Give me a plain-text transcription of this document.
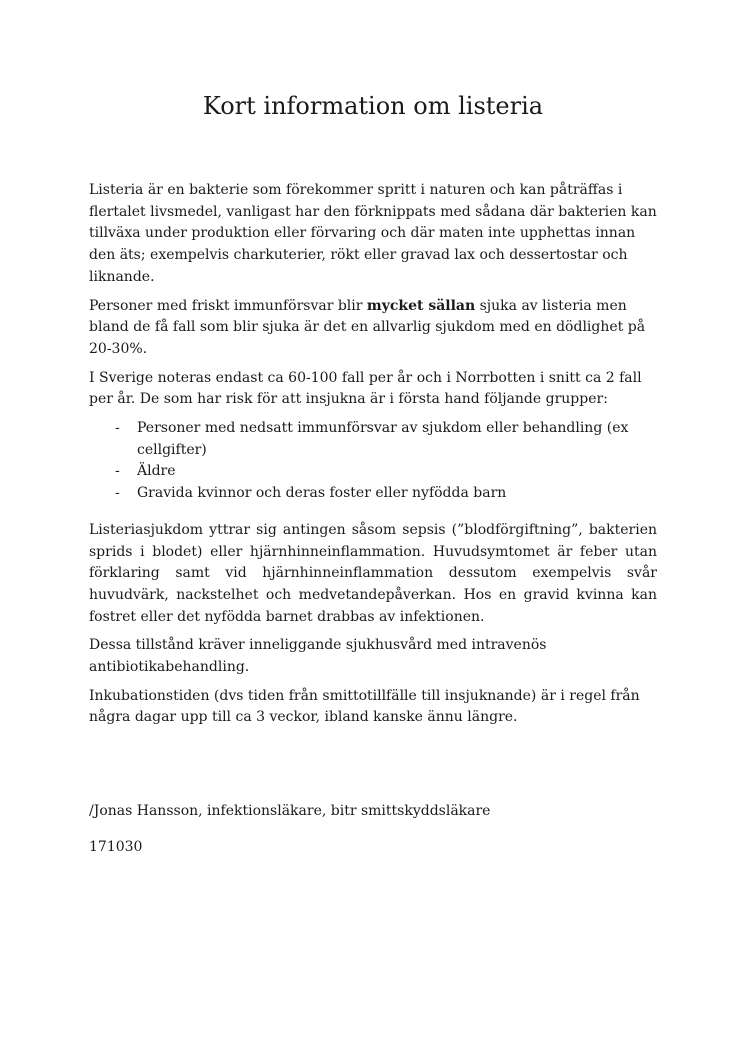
Kort information om listeria

Listeria är en bakterie som förekommer spritt i naturen och kan påträffas i flertalet livsmedel, vanligast har den förknippats med sådana där bakterien kan tillväxa under produktion eller förvaring och där maten inte upphettas innan den äts; exempelvis charkuterier, rökt eller gravad lax och dessertostar och liknande.

Personer med friskt immunförsvar blir mycket sällan sjuka av listeria men bland de få fall som blir sjuka är det en allvarlig sjukdom med en dödlighet på 20-30%.

I Sverige noteras endast ca 60-100 fall per år och i Norrbotten i snitt ca 2 fall per år. De som har risk för att insjukna är i första hand följande grupper:

- Personer med nedsatt immunförsvar av sjukdom eller behandling (ex cellgifter)
- Äldre
- Gravida kvinnor och deras foster eller nyfödda barn

Listeriasjukdom yttrar sig antingen såsom sepsis (”blodförgiftning”, bakterien sprids i blodet) eller hjärnhinneinflammation. Huvudsymtomet är feber utan förklaring samt vid hjärnhinneinflammation dessutom exempelvis svår huvudvärk, nackstelhet och medvetandepåverkan. Hos en gravid kvinna kan fostret eller det nyfödda barnet drabbas av infektionen.

Dessa tillstånd kräver inneliggande sjukhusvård med intravenös
antibiotikabehandling.

Inkubationstiden (dvs tiden från smittotillfälle till insjuknande) är i regel från några dagar upp till ca 3 veckor, ibland kanske ännu längre.

/Jonas Hansson, infektionsläkare, bitr smittskyddsläkare

171030
